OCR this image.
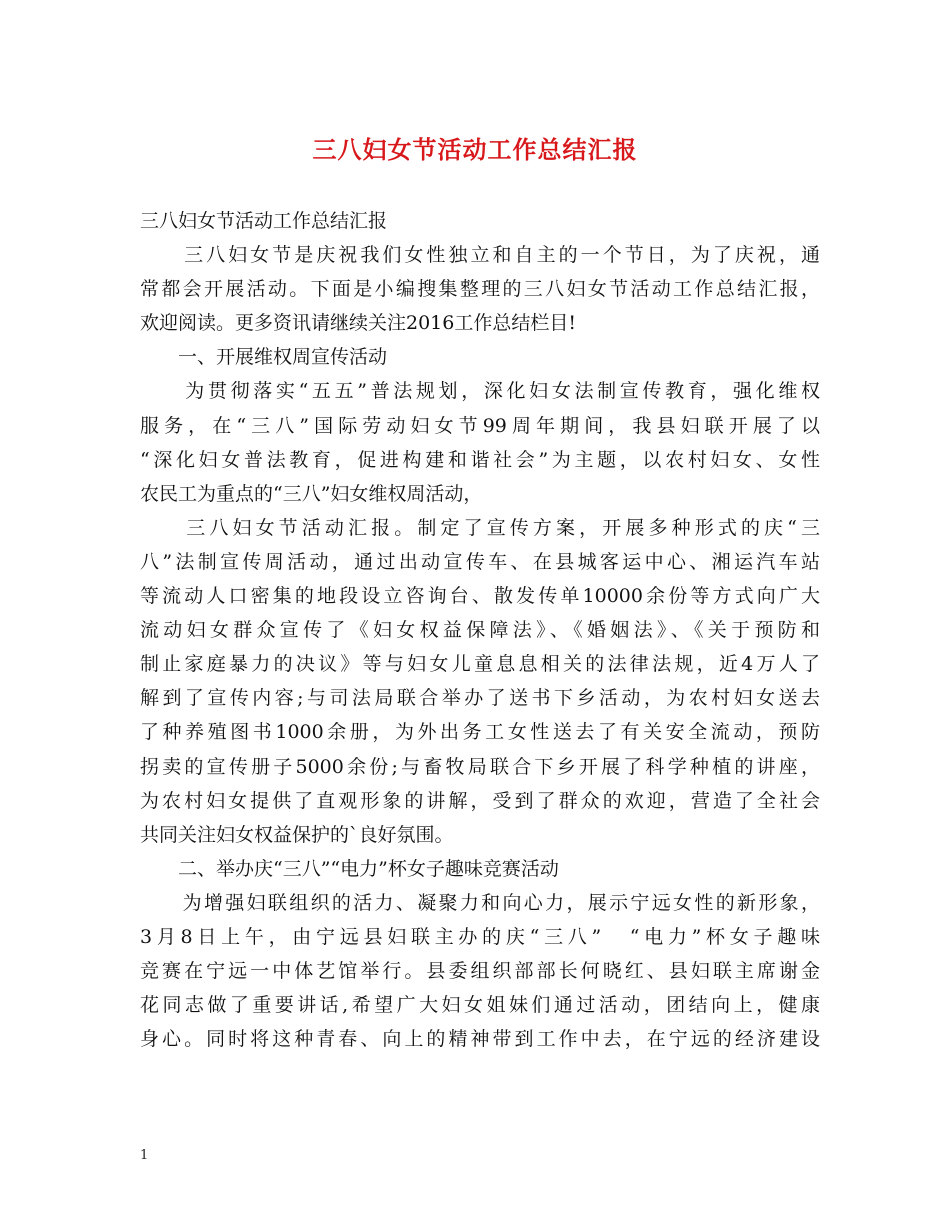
三八妇女节活动工作总结汇报
三八妇女节活动工作总结汇报
　　三八妇女节是庆祝我们女性独立和自主的一个节日，为了庆祝，通
常都会开展活动。下面是小编搜集整理的三八妇女节活动工作总结汇报，
欢迎阅读。更多资讯请继续关注2016工作总结栏目!
　　一、开展维权周宣传活动
　　为贯彻落实“五五”普法规划，深化妇女法制宣传教育，强化维权
服务，在“三八”国际劳动妇女节99周年期间，我县妇联开展了以
“深化妇女普法教育，促进构建和谐社会”为主题，以农村妇女、女性
农民工为重点的“三八”妇女维权周活动，
　　三八妇女节活动汇报。制定了宣传方案，开展多种形式的庆“三
八”法制宣传周活动，通过出动宣传车、在县城客运中心、湘运汽车站
等流动人口密集的地段设立咨询台、散发传单10000余份等方式向广大
流动妇女群众宣传了《妇女权益保障法》、《婚姻法》、《关于预防和
制止家庭暴力的决议》等与妇女儿童息息相关的法律法规，近4万人了
解到了宣传内容;与司法局联合举办了送书下乡活动，为农村妇女送去
了种养殖图书1000余册，为外出务工女性送去了有关安全流动，预防
拐卖的宣传册子5000余份;与畜牧局联合下乡开展了科学种植的讲座，
为农村妇女提供了直观形象的讲解，受到了群众的欢迎，营造了全社会
共同关注妇女权益保护的`良好氛围。
　　二、举办庆“三八”“电力”杯女子趣味竞赛活动
　　为增强妇联组织的活力、凝聚力和向心力，展示宁远女性的新形象，
3月8日上午，由宁远县妇联主办的庆“三八”　“电力”杯女子趣味
竞赛在宁远一中体艺馆举行。县委组织部部长何晓红、县妇联主席谢金
花同志做了重要讲话,希望广大妇女姐妹们通过活动，团结向上，健康
身心。同时将这种青春、向上的精神带到工作中去，在宁远的经济建设
1
